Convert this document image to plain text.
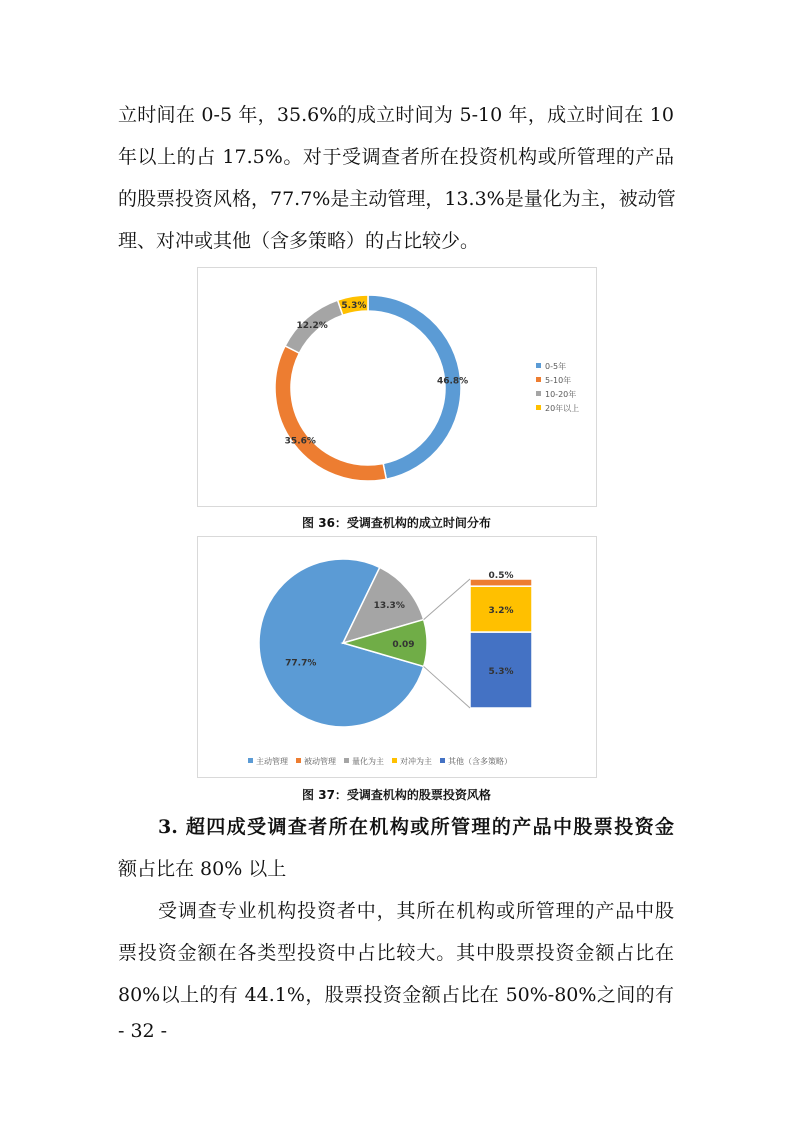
立时间在 0-5 年，35.6%的成立时间为 5-10 年，成立时间在 10
年以上的占 17.5%。对于受调查者所在投资机构或所管理的产品
的股票投资风格，77.7%是主动管理，13.3%是量化为主，被动管
理、对冲或其他（含多策略）的占比较少。
46.8%
35.6%
12.2%
5.3%
0-5年
5-10年
10-20年
20年以上
图 36：受调查机构的成立时间分布
77.7%
13.3%
0.09
5.3%
3.2%
0.5%
主动管理 被动管理 量化为主 对冲为主 其他（含多策略）
图 37：受调查机构的股票投资风格
3. 超四成受调查者所在机构或所管理的产品中股票投资金
额占比在 80% 以上
受调查专业机构投资者中，其所在机构或所管理的产品中股
票投资金额在各类型投资中占比较大。其中股票投资金额占比在
80%以上的有 44.1%，股票投资金额占比在 50%-80%之间的有
- 32 -
